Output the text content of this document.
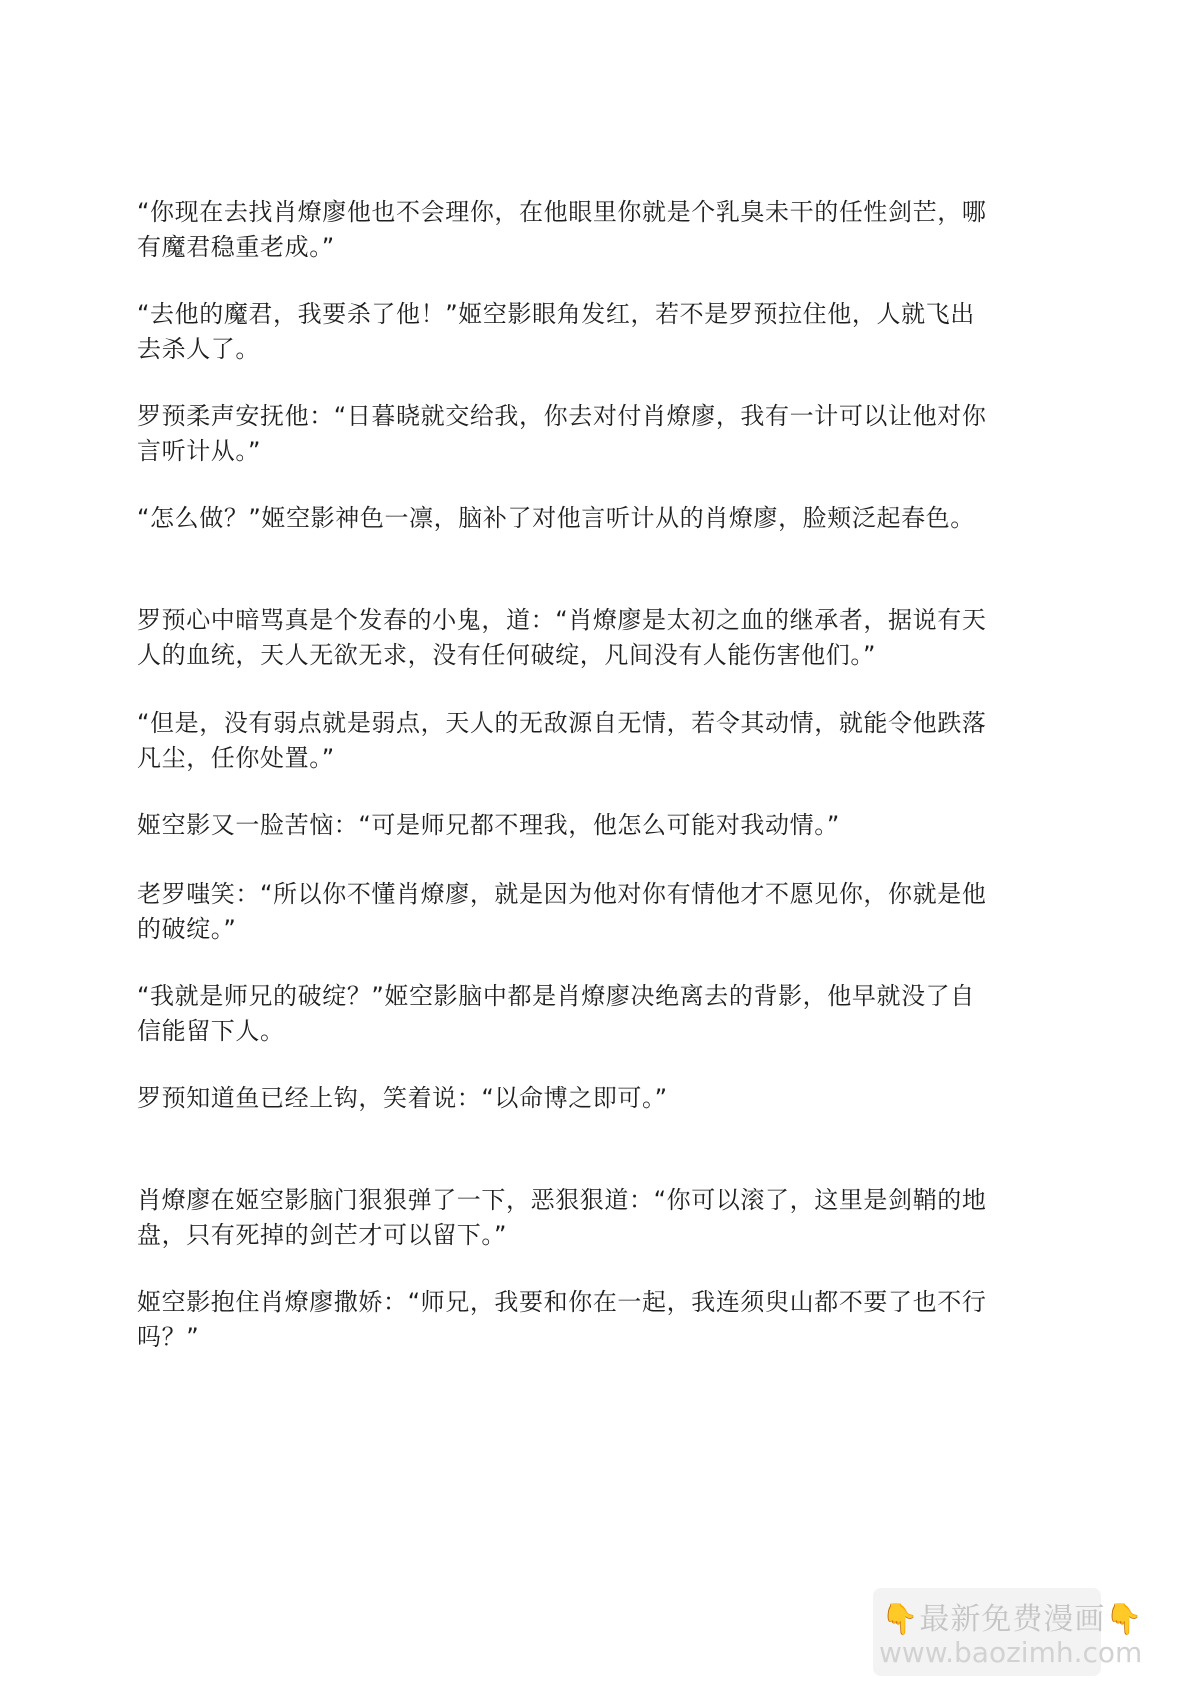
“你现在去找肖燎廖他也不会理你，在他眼里你就是个乳臭未干的任性剑芒，哪有魔君稳重老成。”

“去他的魔君，我要杀了他！”姬空影眼角发红，若不是罗预拉住他，人就飞出去杀人了。

罗预柔声安抚他：“日暮晓就交给我，你去对付肖燎廖，我有一计可以让他对你言听计从。”

“怎么做？”姬空影神色一凛，脑补了对他言听计从的肖燎廖，脸颊泛起春色。

罗预心中暗骂真是个发春的小鬼，道：“肖燎廖是太初之血的继承者，据说有天人的血统，天人无欲无求，没有任何破绽，凡间没有人能伤害他们。”

“但是，没有弱点就是弱点，天人的无敌源自无情，若令其动情，就能令他跌落凡尘，任你处置。”

姬空影又一脸苦恼：“可是师兄都不理我，他怎么可能对我动情。”

老罗嗤笑：“所以你不懂肖燎廖，就是因为他对你有情他才不愿见你，你就是他的破绽。”

“我就是师兄的破绽？”姬空影脑中都是肖燎廖决绝离去的背影，他早就没了自信能留下人。

罗预知道鱼已经上钩，笑着说：“以命博之即可。”

肖燎廖在姬空影脑门狠狠弹了一下，恶狠狠道：“你可以滚了，这里是剑鞘的地盘，只有死掉的剑芒才可以留下。”

姬空影抱住肖燎廖撒娇：“师兄，我要和你在一起，我连须臾山都不要了也不行吗？”

👇最新免费漫画👇
www.baozimh.com
